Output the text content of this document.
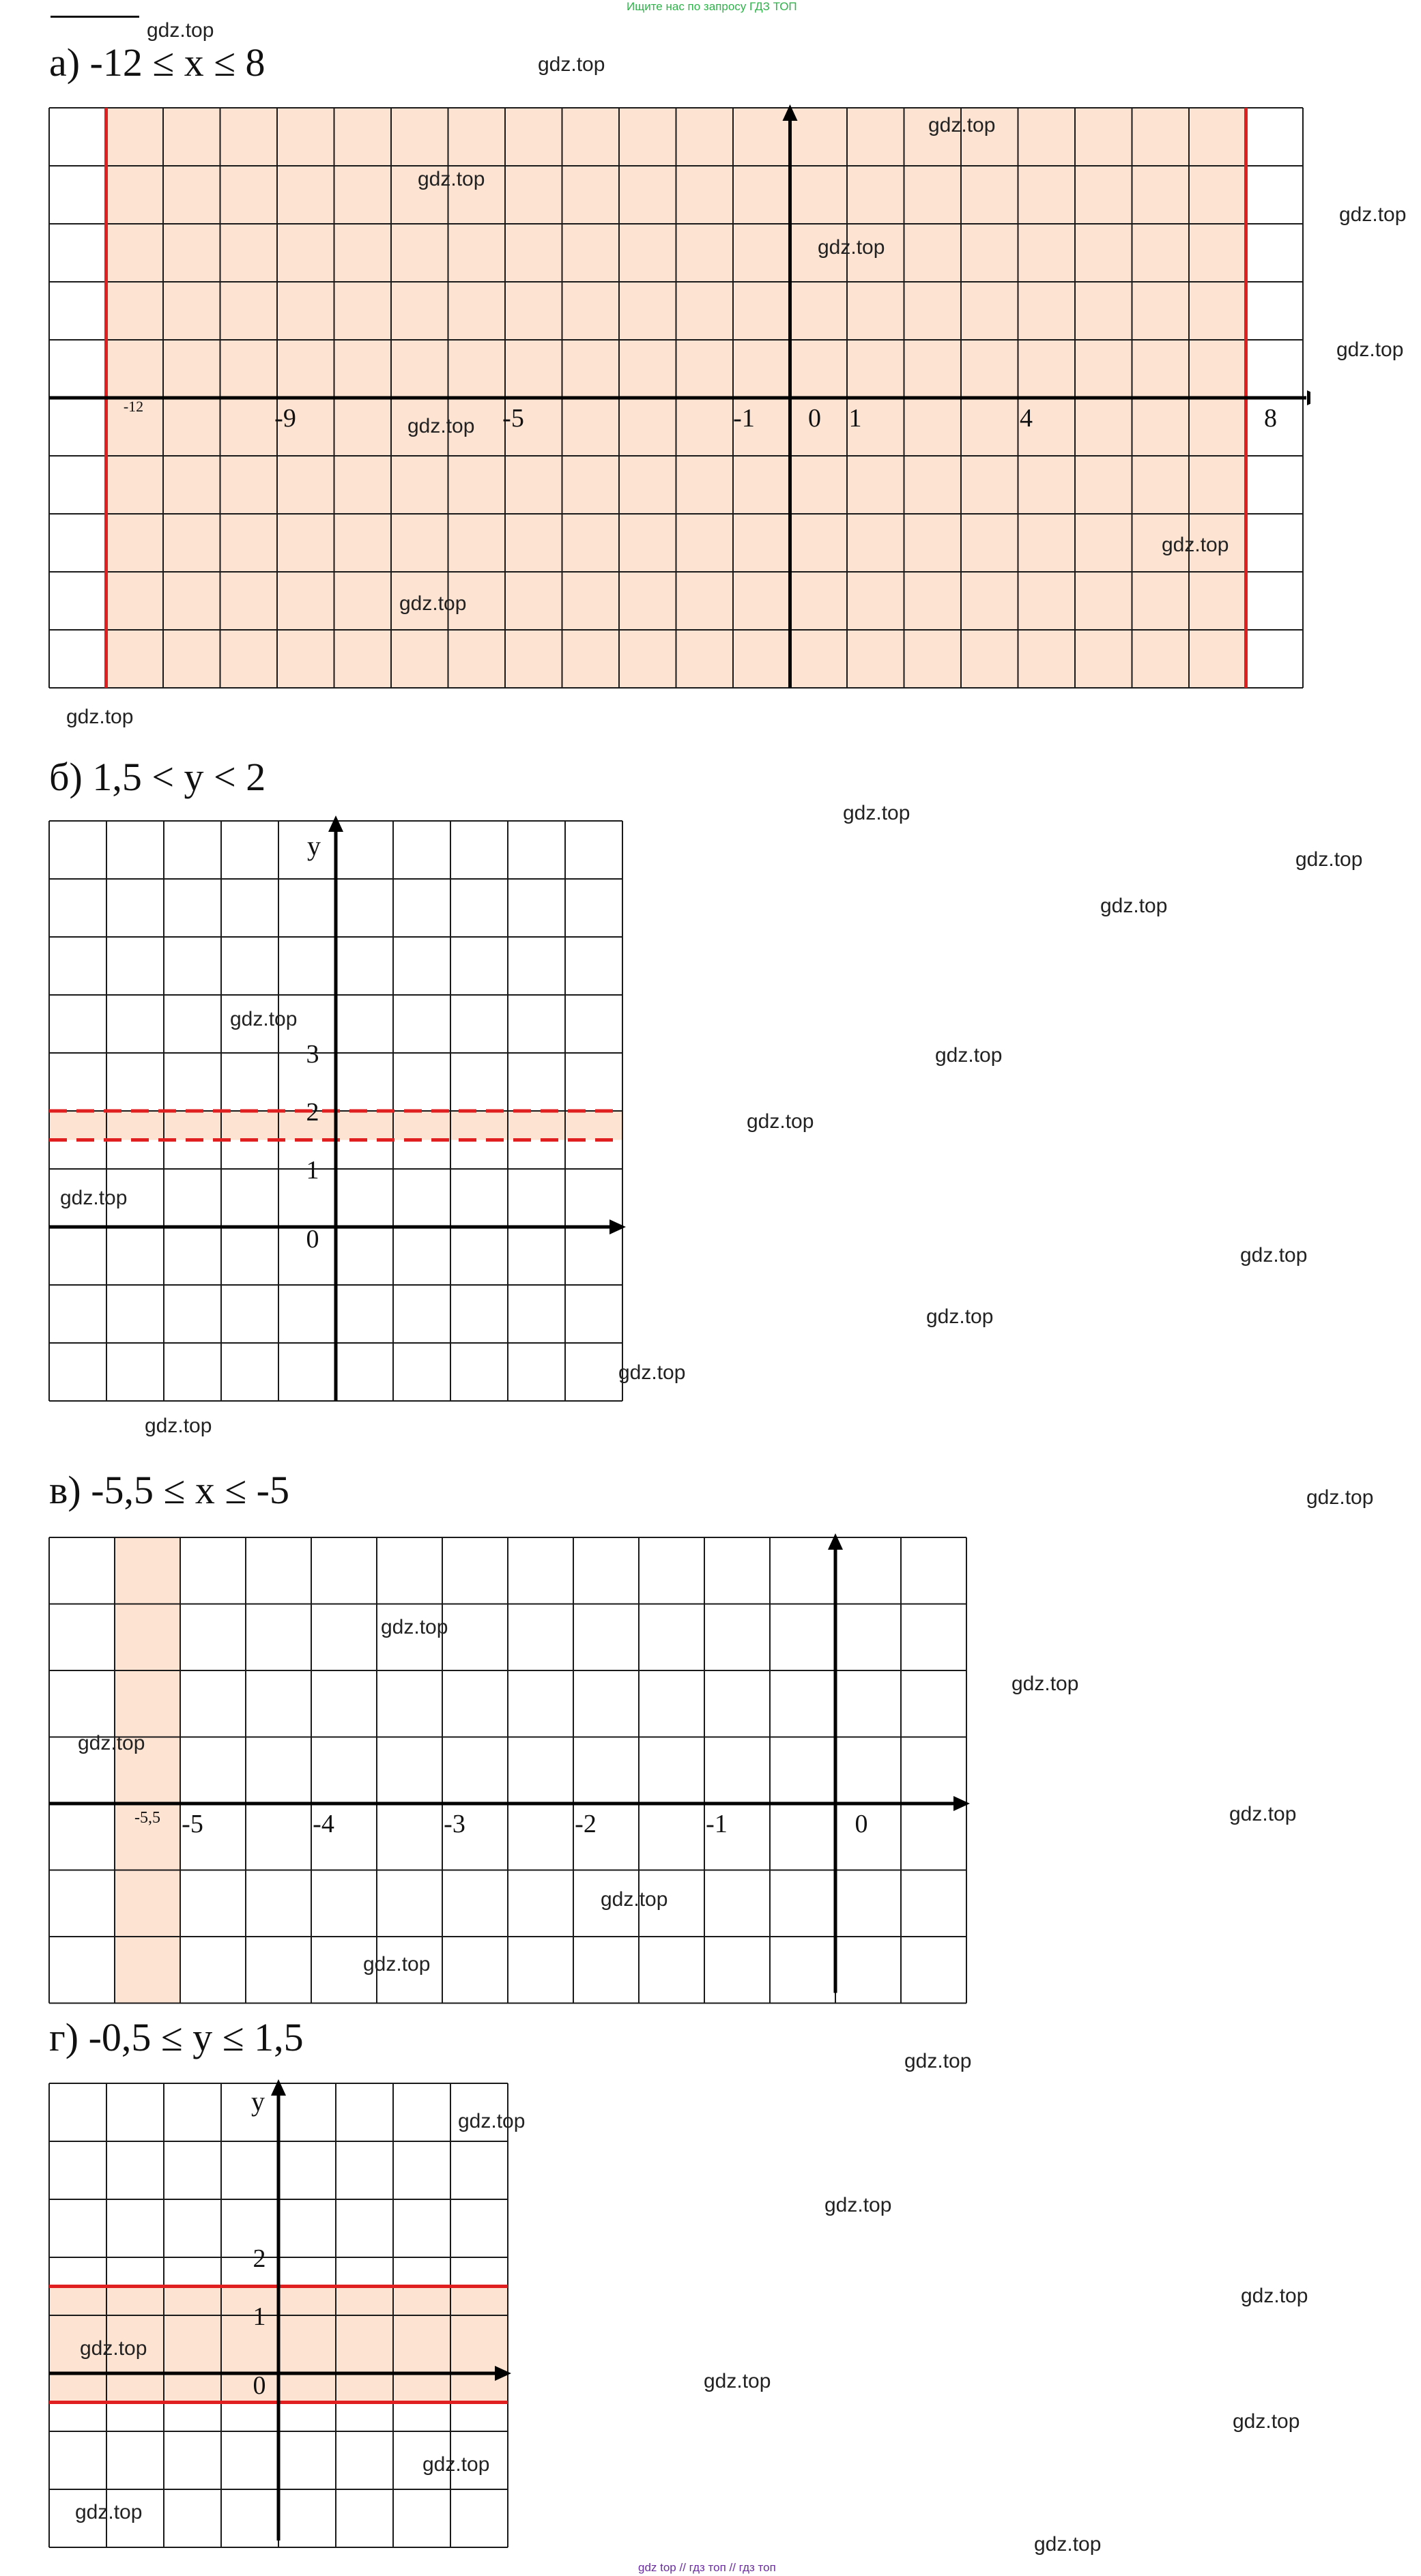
Ищите нас по запросу ГДЗ ТОП
а) -12 ≤ x ≤ 8
-12	-9	-5	-1 0 1	4	8
б) 1,5 < y < 2
y
0
1
2
3
в) -5,5 ≤ x ≤ -5
-5,5 -5	-4	-3	-2	-1	0
г) -0,5 ≤ y ≤ 1,5
y
0
1
2
gdz.top
gdz.top
gdz.top
gdz.top
gdz.top
gdz.top
gdz.top
gdz.top
gdz.top
gdz.top
gdz.top
gdz.top
gdz.top
gdz.top
gdz.top
gdz.top
gdz.top
gdz.top
gdz.top
gdz.top
gdz.top
gdz.top
gdz.top
gdz.top
gdz.top
gdz.top
gdz.top
gdz.top
gdz.top
gdz.top
gdz.top
gdz.top
gdz.top
gdz.top
gdz.top
gdz.top
gdz.top
gdz.top
gdz.top
gdz top // гдз топ // гдз топ
